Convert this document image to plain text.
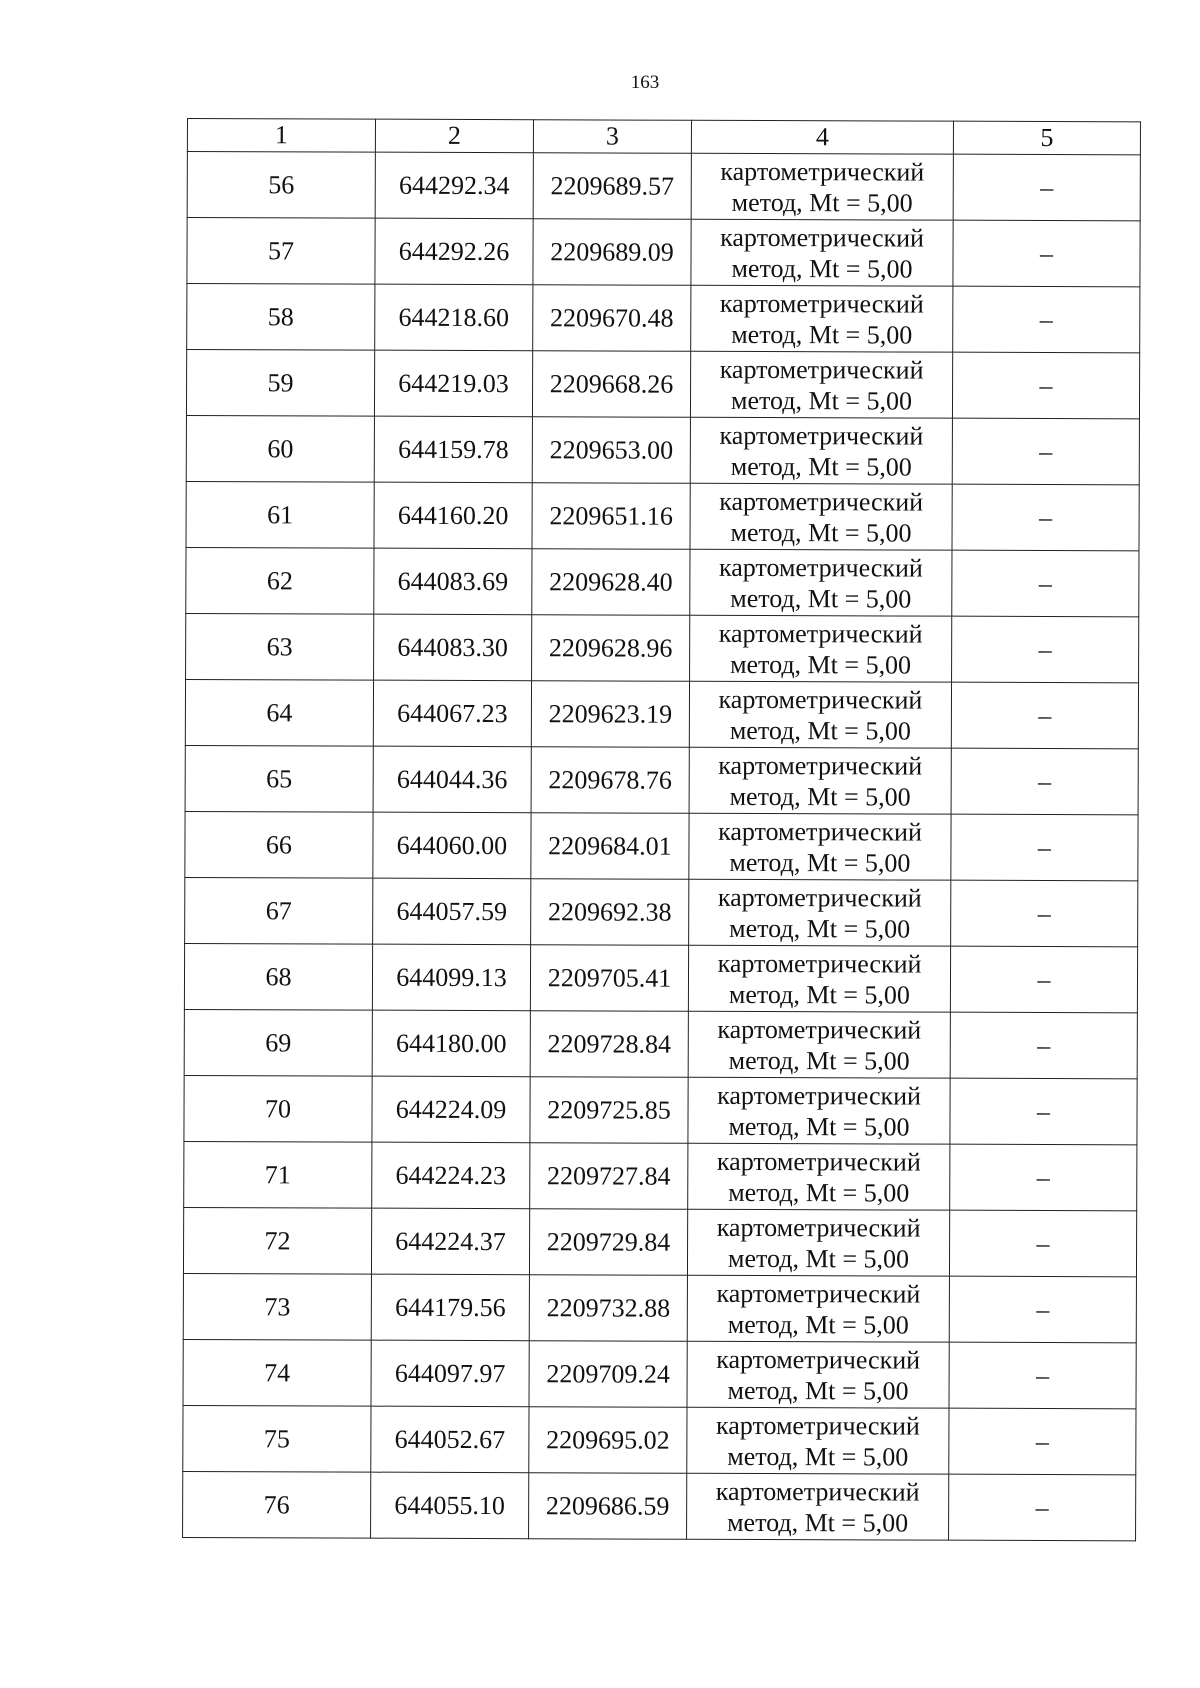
163
1	2	3	4	5
56	644292.34	2209689.57	картометрический
метод, Mt = 5,00	–
57	644292.26	2209689.09	картометрический
метод, Mt = 5,00	–
58	644218.60	2209670.48	картометрический
метод, Mt = 5,00	–
59	644219.03	2209668.26	картометрический
метод, Mt = 5,00	–
60	644159.78	2209653.00	картометрический
метод, Mt = 5,00	–
61	644160.20	2209651.16	картометрический
метод, Mt = 5,00	–
62	644083.69	2209628.40	картометрический
метод, Mt = 5,00	–
63	644083.30	2209628.96	картометрический
метод, Mt = 5,00	–
64	644067.23	2209623.19	картометрический
метод, Mt = 5,00	–
65	644044.36	2209678.76	картометрический
метод, Mt = 5,00	–
66	644060.00	2209684.01	картометрический
метод, Mt = 5,00	–
67	644057.59	2209692.38	картометрический
метод, Mt = 5,00	–
68	644099.13	2209705.41	картометрический
метод, Mt = 5,00	–
69	644180.00	2209728.84	картометрический
метод, Mt = 5,00	–
70	644224.09	2209725.85	картометрический
метод, Mt = 5,00	–
71	644224.23	2209727.84	картометрический
метод, Mt = 5,00	–
72	644224.37	2209729.84	картометрический
метод, Mt = 5,00	–
73	644179.56	2209732.88	картометрический
метод, Mt = 5,00	–
74	644097.97	2209709.24	картометрический
метод, Mt = 5,00	–
75	644052.67	2209695.02	картометрический
метод, Mt = 5,00	–
76	644055.10	2209686.59	картометрический
метод, Mt = 5,00	–
